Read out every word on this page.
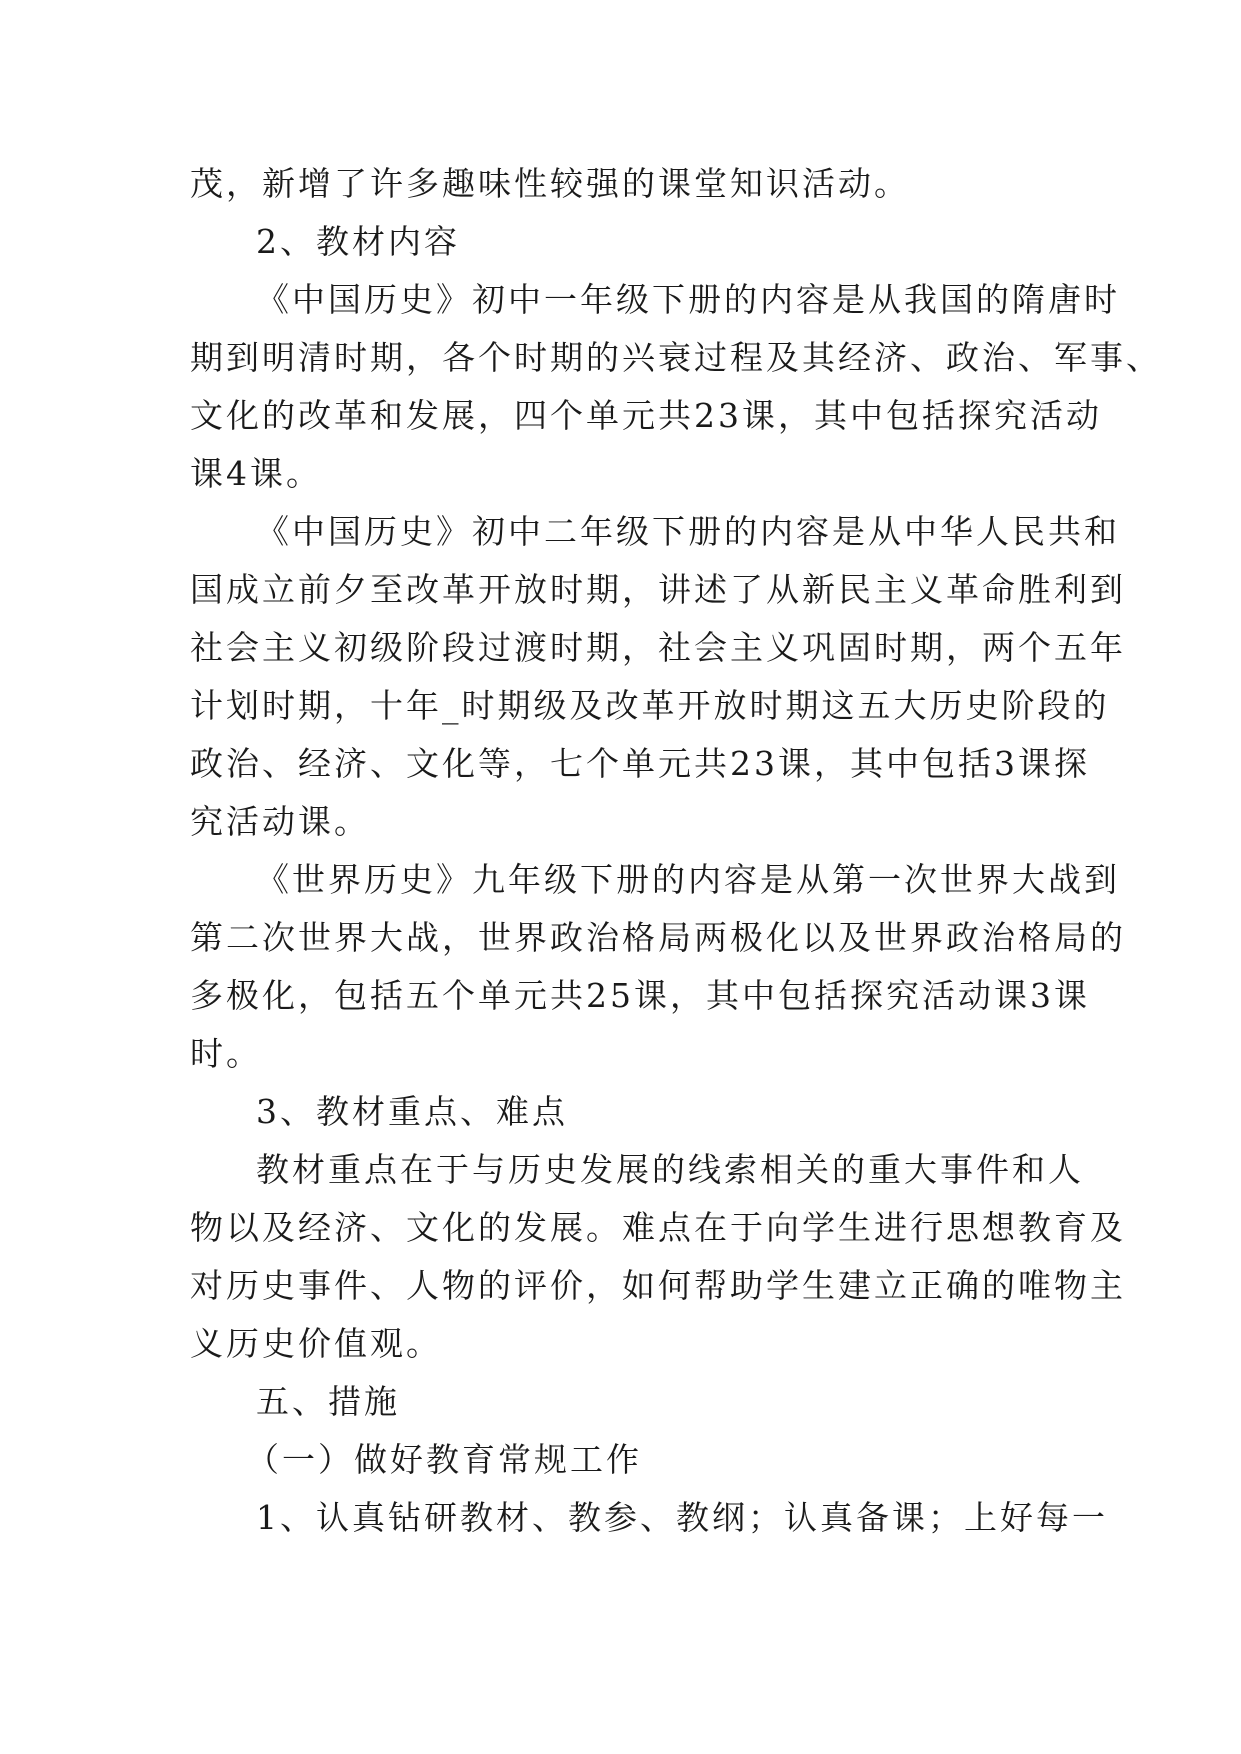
茂，新增了许多趣味性较强的课堂知识活动。
2、教材内容
《中国历史》初中一年级下册的内容是从我国的隋唐时
期到明清时期，各个时期的兴衰过程及其经济、政治、军事、
文化的改革和发展，四个单元共23课，其中包括探究活动
课4课。
《中国历史》初中二年级下册的内容是从中华人民共和
国成立前夕至改革开放时期，讲述了从新民主义革命胜利到
社会主义初级阶段过渡时期，社会主义巩固时期，两个五年
计划时期，十年_时期级及改革开放时期这五大历史阶段的
政治、经济、文化等，七个单元共23课，其中包括3课探
究活动课。
《世界历史》九年级下册的内容是从第一次世界大战到
第二次世界大战，世界政治格局两极化以及世界政治格局的
多极化，包括五个单元共25课，其中包括探究活动课3课
时。
3、教材重点、难点
教材重点在于与历史发展的线索相关的重大事件和人
物以及经济、文化的发展。难点在于向学生进行思想教育及
对历史事件、人物的评价，如何帮助学生建立正确的唯物主
义历史价值观。
五、措施
（一）做好教育常规工作
1、认真钻研教材、教参、教纲；认真备课；上好每一
